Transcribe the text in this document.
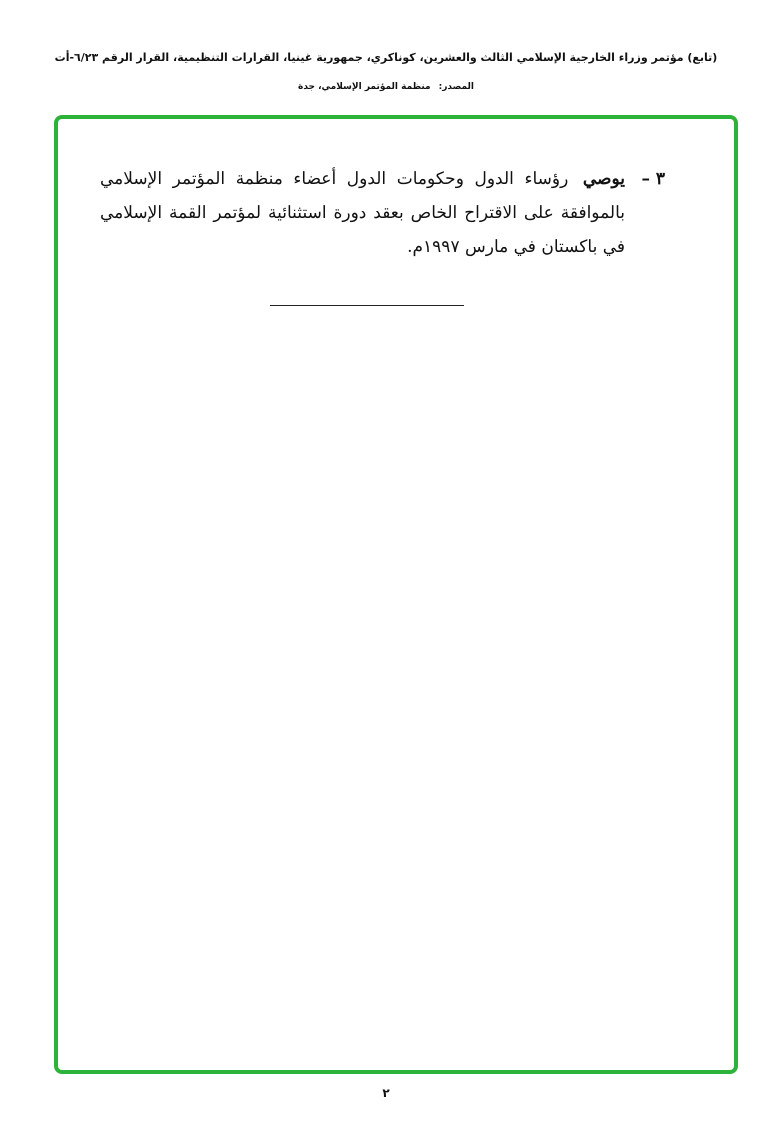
(تابع) مؤتمر وزراء الخارجية الإسلامي الثالث والعشرين، كوناكري، جمهورية غينيا، القرارات التنظيمية، القرار الرقم ٦/٢٣-أت
المصدر:منظمة المؤتمر الإسلامي، جدة
٣ –
يوصي رؤساء الدول وحكومات الدول أعضاء منظمة المؤتمر الإسلامي بالموافقة على الاقتراح الخاص بعقد دورة استثنائية لمؤتمر القمة الإسلامي في باكستان في مارس ١٩٩٧م.
٢
